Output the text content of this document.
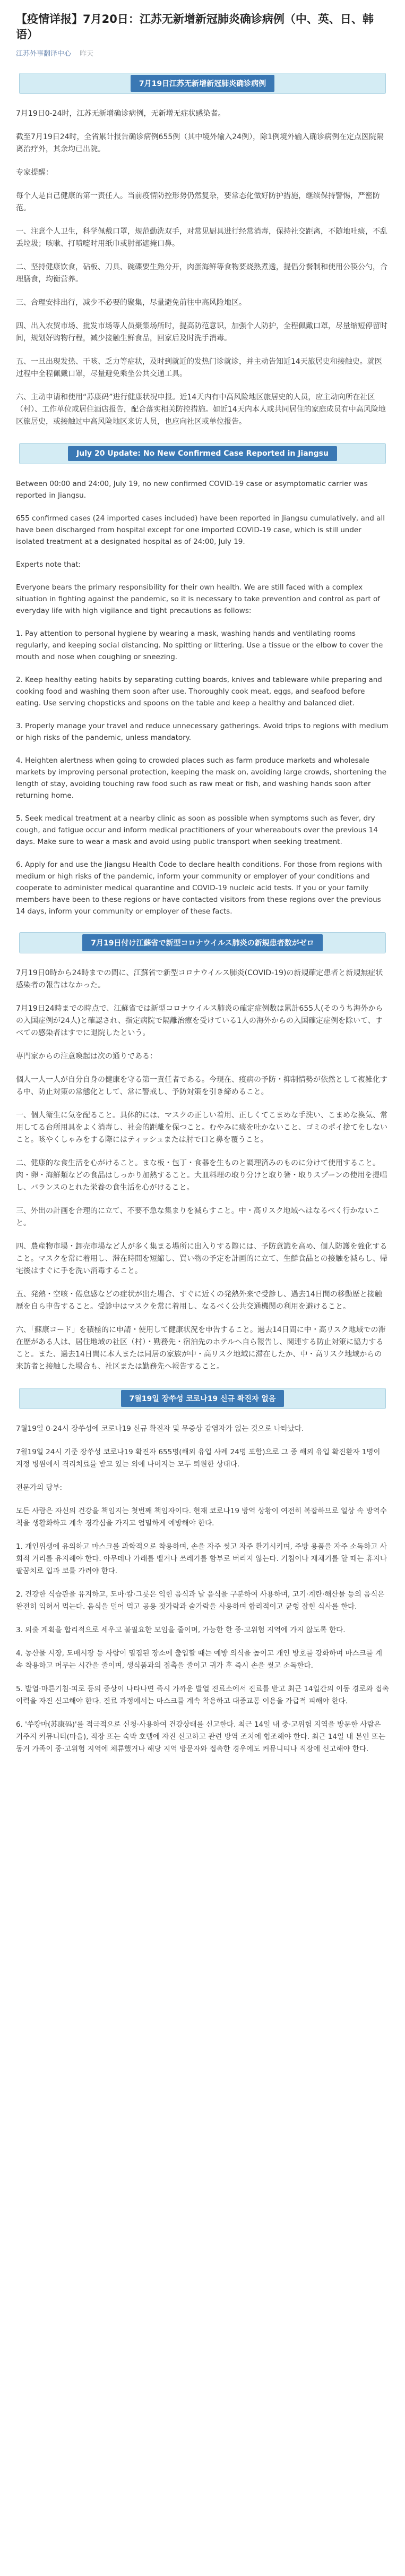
【疫情详报】7月20日：江苏无新增新冠肺炎确诊病例（中、英、日、韩语）
江苏外事翻译中心 昨天
7月19日江苏无新增新冠肺炎确诊病例

7月19日0-24时，江苏无新增确诊病例，无新增无症状感染者。

截至7月19日24时，全省累计报告确诊病例655例（其中境外输入24例），除1例境外输入确诊病例在定点医院隔离治疗外，其余均已出院。

专家提醒：

每个人是自己健康的第一责任人。当前疫情防控形势仍然复杂，要常态化做好防护措施，继续保持警惕，严密防范。

一、注意个人卫生，科学佩戴口罩，规范勤洗双手，对常见厨具进行经常消毒，保持社交距离，不随地吐痰，不乱丢垃圾；咳嗽、打喷嚏时用纸巾或肘部遮掩口鼻。

二、坚持健康饮食，砧板、刀具、碗碟要生熟分开，肉蛋海鲜等食物要烧熟煮透，提倡分餐制和使用公筷公勺，合理膳食，均衡营养。

三、合理安排出行，减少不必要的聚集，尽量避免前往中高风险地区。

四、出入农贸市场、批发市场等人员聚集场所时，提高防范意识，加强个人防护，全程佩戴口罩，尽量缩短停留时间，规划好购物行程，减少接触生鲜食品，回家后及时洗手消毒。

五、一旦出现发热、干咳、乏力等症状，及时到就近的发热门诊就诊，并主动告知近14天旅居史和接触史。就医过程中全程佩戴口罩，尽量避免乘坐公共交通工具。

六、主动申请和使用“苏康码”进行健康状况申报。近14天内有中高风险地区旅居史的人员，应主动向所在社区（村）、工作单位或居住酒店报告，配合落实相关防控措施。如近14天内本人或共同居住的家庭成员有中高风险地区旅居史，或接触过中高风险地区来访人员，也应向社区或单位报告。

July 20 Update: No New Confirmed Case Reported in Jiangsu

Between 00:00 and 24:00, July 19, no new confirmed COVID-19 case or asymptomatic carrier was reported in Jiangsu.

655 confirmed cases (24 imported cases included) have been reported in Jiangsu cumulatively, and all have been discharged from hospital except for one imported COVID-19 case, which is still under isolated treatment at a designated hospital as of 24:00, July 19.

Experts note that:

Everyone bears the primary responsibility for their own health. We are still faced with a complex situation in fighting against the pandemic, so it is necessary to take prevention and control as part of everyday life with high vigilance and tight precautions as follows:

1. Pay attention to personal hygiene by wearing a mask, washing hands and ventilating rooms regularly, and keeping social distancing. No spitting or littering. Use a tissue or the elbow to cover the mouth and nose when coughing or sneezing.

2. Keep healthy eating habits by separating cutting boards, knives and tableware while preparing and cooking food and washing them soon after use. Thoroughly cook meat, eggs, and seafood before eating. Use serving chopsticks and spoons on the table and keep a healthy and balanced diet.

3. Properly manage your travel and reduce unnecessary gatherings. Avoid trips to regions with medium or high risks of the pandemic, unless mandatory.

4. Heighten alertness when going to crowded places such as farm produce markets and wholesale markets by improving personal protection, keeping the mask on, avoiding large crowds, shortening the length of stay, avoiding touching raw food such as raw meat or fish, and washing hands soon after returning home.

5. Seek medical treatment at a nearby clinic as soon as possible when symptoms such as fever, dry cough, and fatigue occur and inform medical practitioners of your whereabouts over the previous 14 days. Make sure to wear a mask and avoid using public transport when seeking treatment.

6. Apply for and use the Jiangsu Health Code to declare health conditions. For those from regions with medium or high risks of the pandemic, inform your community or employer of your conditions and cooperate to administer medical quarantine and COVID-19 nucleic acid tests. If you or your family members have been to these regions or have contacted visitors from these regions over the previous 14 days, inform your community or employer of these facts.

7月19日付け江蘇省で新型コロナウイルス肺炎の新規患者数がゼロ

7月19日0時から24時までの間に、江蘇省で新型コロナウイルス肺炎(COVID-19)の新規確定患者と新規無症状感染者の報告はなかった。

7月19日24時までの時点で、江蘇省では新型コロナウイルス肺炎の確定症例数は累計655人(そのうち海外からの入国症例が24人)と確認され、指定病院で隔離治療を受けている1人の海外からの入国確定症例を除いて、すべての感染者はすでに退院したという。

専門家からの注意喚起は次の通りである：

個人一人一人が自分自身の健康を守る第一責任者である。今現在、疫病の予防・抑制情勢が依然として複雑化する中、防止対策の常態化として、常に警戒し、予防対策を引き締めること。

一、個人衛生に気を配ること。具体的には、マスクの正しい着用、正しくてこまめな手洗い、こまめな換気、常用してる台所用具をよく消毒し、社会的距離を保つこと。むやみに痰を吐かないこと、ゴミのポイ捨てをしないこと。咳やくしゃみをする際にはティッシュまたは肘で口と鼻を覆うこと。

二、健康的な食生活を心がけること。まな板・包丁・食器を生ものと調理済みのものに分けて使用すること。肉・卵・海鮮類などの食品はしっかり加熱すること。大皿料理の取り分けと取り箸・取りスプーンの使用を提唱し、バランスのとれた栄養の食生活を心がけること。

三、外出の計画を合理的に立て、不要不急な集まりを減らすこと。中・高リスク地域へはなるべく行かないこと。

四、農産物市場・卸売市場など人が多く集まる場所に出入りする際には、予防意識を高め、個人防護を強化すること。マスクを常に着用し、滞在時間を短縮し、買い物の予定を計画的に立て、生鮮食品との接触を減らし、帰宅後はすぐに手を洗い消毒すること。

五、発熱・空咳・倦怠感などの症状が出た場合、すぐに近くの発熱外来で受診し、過去14日間の移動歴と接触歴を自ら申告すること。受診中はマスクを常に着用し、なるべく公共交通機関の利用を避けること。

六、「蘇康コード」を積極的に申請・使用して健康状況を申告すること。過去14日間に中・高リスク地域での滞在歴がある人は、居住地域の社区（村）・勤務先・宿泊先のホテルへ自ら報告し、関連する防止対策に協力すること。また、過去14日間に本人または同居の家族が中・高リスク地域に滞在したか、中・高リスク地域からの来訪者と接触した場合も、社区または勤務先へ報告すること。

7월19일 장쑤성 코로나19 신규 확진자 없음

7월19일 0-24시 장쑤성에 코로나19 신규 확진자 및 무증상 감염자가 없는 것으로 나타났다.

7월19일 24시 기준 장쑤성 코로나19 확진자 655명(해외 유입 사례 24명 포함)으로 그 중 해외 유입 확진환자 1명이 지정 병원에서 격리치료를 받고 있는 외에 나머지는 모두 퇴원한 상태다.

전문가의 당부:

모든 사람은 자신의 건강을 책임지는 첫번째 책임자이다. 현재 코로나19 방역 상황이 여전히 복잡하므로 일상 속 방역수칙을 생활화하고 계속 경각심을 가지고 엄밀하게 예방해야 한다.

1. 개인위생에 유의하고 마스크를 과학적으로 착용하며, 손을 자주 씻고 자주 환기시키며, 주방 용품을 자주 소독하고 사회적 거리를 유지해야 한다. 아무데나 가래를 뱉거나 쓰레기를 함부로 버리지 않는다. 기침이나 재채기를 할 때는 휴지나 팔꿈치로 입과 코를 가려야 한다.

2. 건강한 식습관을 유지하고, 도마·칼·그릇은 익힌 음식과 날 음식을 구분하여 사용하며, 고기·계란·해산물 등의 음식은 완전히 익혀서 먹는다. 음식을 덜어 먹고 공용 젓가락과 숟가락을 사용하며 합리적이고 균형 잡힌 식사를 한다.

3. 외출 계획을 합리적으로 세우고 불필요한 모임을 줄이며, 가능한 한 중·고위험 지역에 가지 않도록 한다.

4. 농산물 시장, 도매시장 등 사람이 밀집된 장소에 출입할 때는 예방 의식을 높이고 개인 방호를 강화하며 마스크를 계속 착용하고 머무는 시간을 줄이며, 생식품과의 접촉을 줄이고 귀가 후 즉시 손을 씻고 소독한다.

5. 발열·마른기침·피로 등의 증상이 나타나면 즉시 가까운 발열 진료소에서 진료를 받고 최근 14일간의 이동 경로와 접촉 이력을 자진 신고해야 한다. 진료 과정에서는 마스크를 계속 착용하고 대중교통 이용을 가급적 피해야 한다.

6. '쑤캉마(苏康码)'를 적극적으로 신청·사용하여 건강상태를 신고한다. 최근 14일 내 중·고위험 지역을 방문한 사람은 거주지 커뮤니티(마을), 직장 또는 숙박 호텔에 자진 신고하고 관련 방역 조치에 협조해야 한다. 최근 14일 내 본인 또는 동거 가족이 중·고위험 지역에 체류했거나 해당 지역 방문자와 접촉한 경우에도 커뮤니티나 직장에 신고해야 한다.
